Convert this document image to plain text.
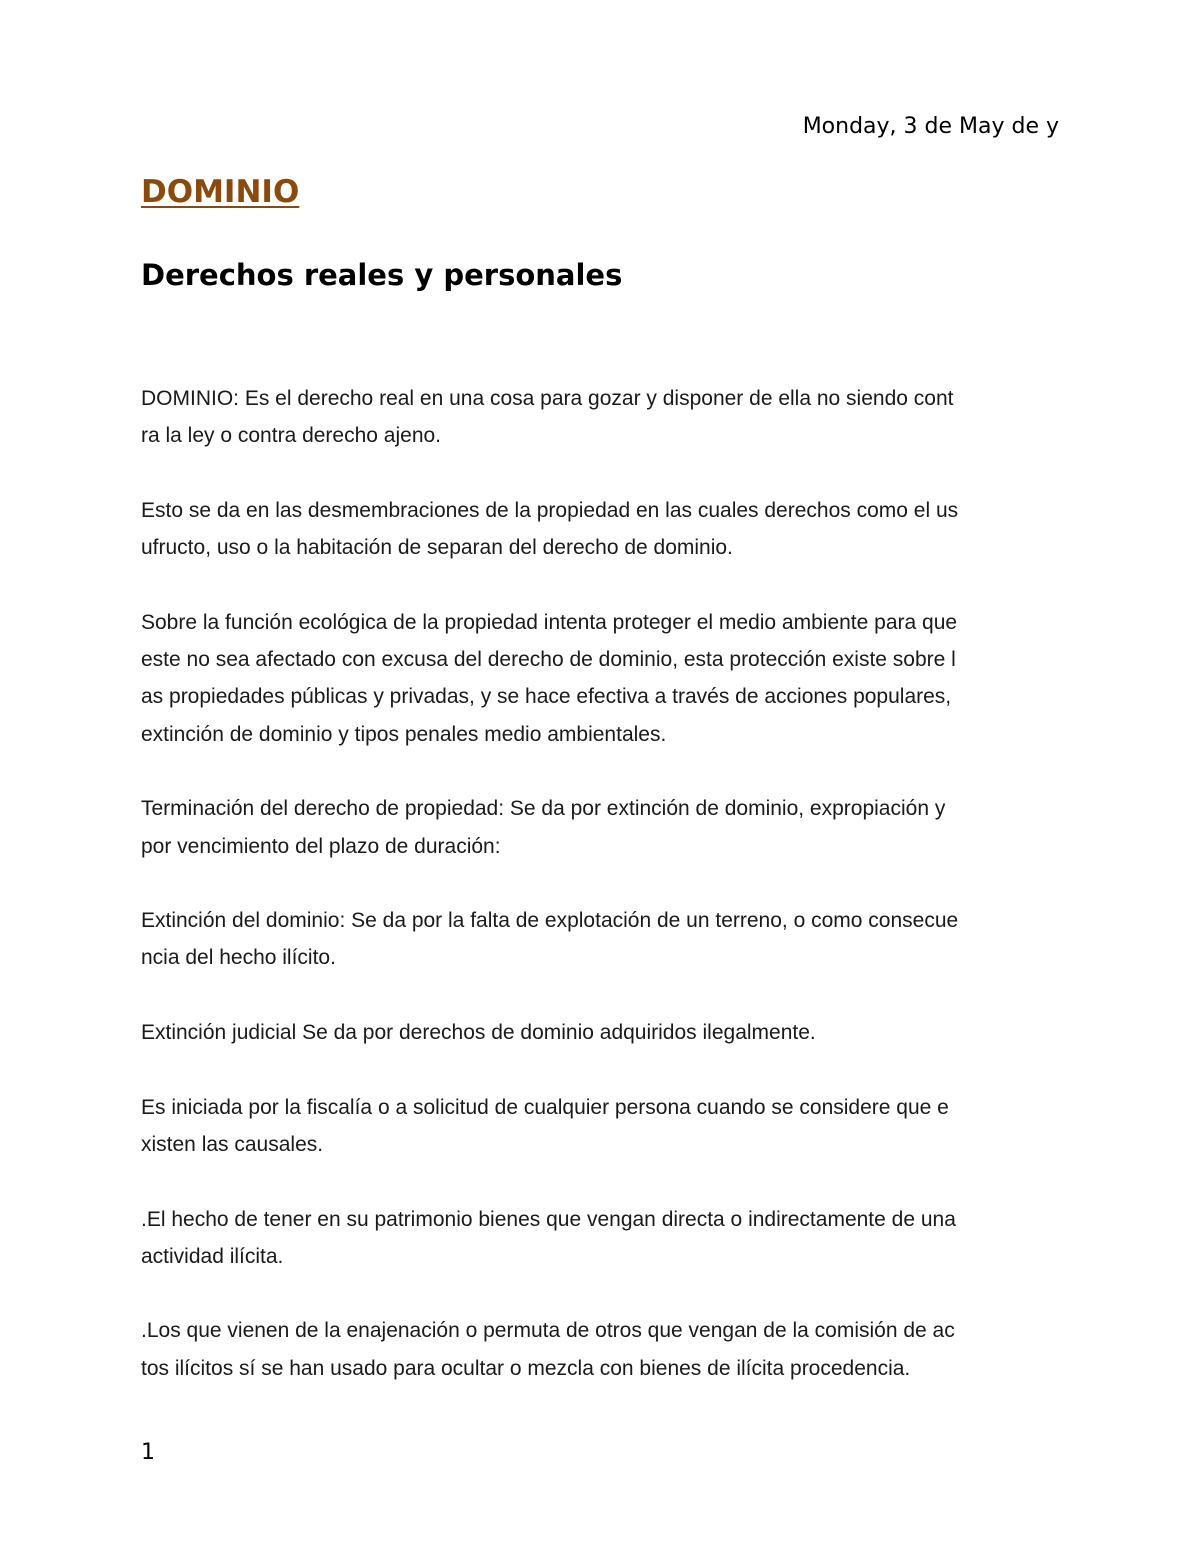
Monday, 3 de May de y
DOMINIO
Derechos reales y personales

DOMINIO: Es el derecho real en una cosa para gozar y disponer de ella no siendo cont
ra la ley o contra derecho ajeno.

Esto se da en las desmembraciones de la propiedad en las cuales derechos como el us
ufructo, uso o la habitación de separan del derecho de dominio.

Sobre la función ecológica de la propiedad intenta proteger el medio ambiente para que
este no sea afectado con excusa del derecho de dominio, esta protección existe sobre l
as propiedades públicas y privadas, y se hace efectiva a través de acciones populares,
extinción de dominio y tipos penales medio ambientales.

Terminación del derecho de propiedad: Se da por extinción de dominio, expropiación y
por vencimiento del plazo de duración:

Extinción del dominio: Se da por la falta de explotación de un terreno, o como consecue
ncia del hecho ilícito.

Extinción judicial Se da por derechos de dominio adquiridos ilegalmente.

Es iniciada por la fiscalía o a solicitud de cualquier persona cuando se considere que e
xisten las causales.

.El hecho de tener en su patrimonio bienes que vengan directa o indirectamente de una
actividad ilícita.

.Los que vienen de la enajenación o permuta de otros que vengan de la comisión de ac
tos ilícitos sí se han usado para ocultar o mezcla con bienes de ilícita procedencia.

1
